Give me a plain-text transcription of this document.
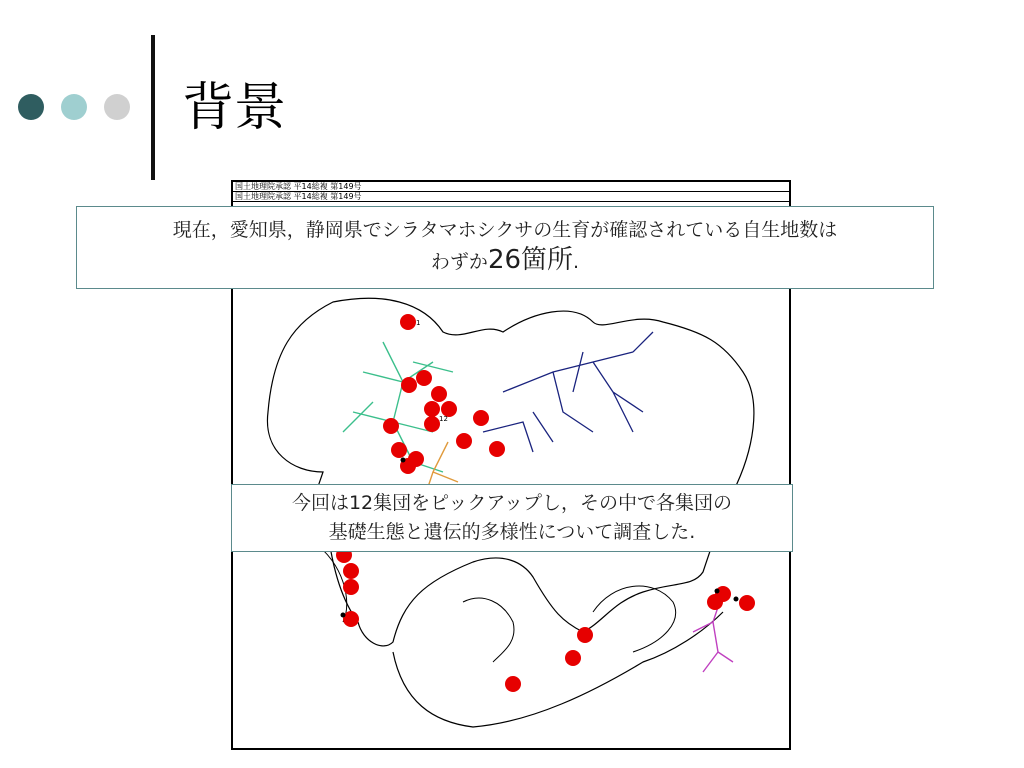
背景
1
12
国土地理院承認 平14総複 第149号
国土地理院承認 平14総複 第149号
現在，愛知県，静岡県でシラタマホシクサの生育が確認されている自生地数は
わずか26箇所.
今回は12集団をピックアップし，その中で各集団の
基礎生態と遺伝的多様性について調査した.
